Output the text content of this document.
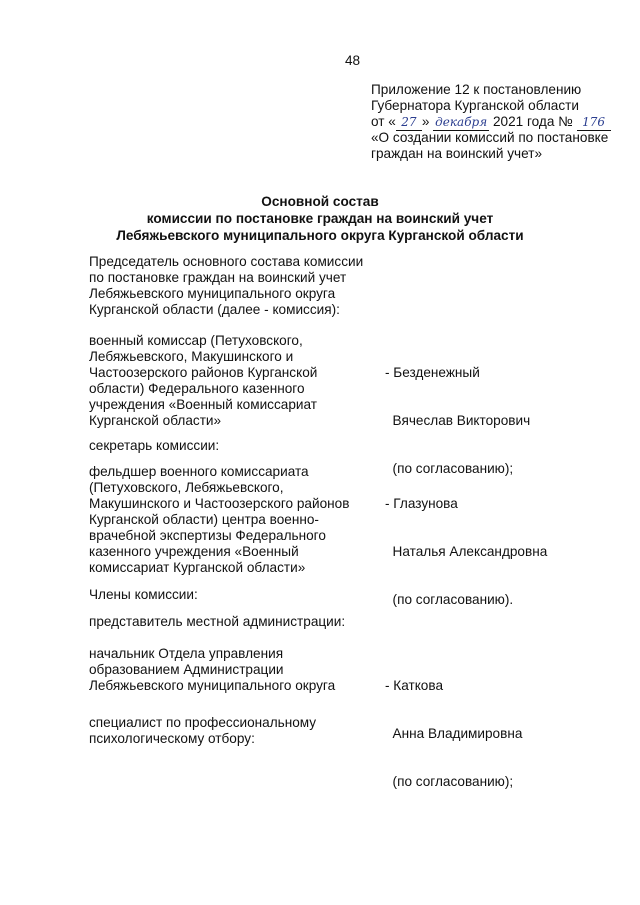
48
Приложение 12 к постановлению
Губернатора Курганской области
от « 27 » декабря 2021 года № 176
«О создании комиссий по постановке
граждан на воинский учет»
Основной состав
комиссии по постановке граждан на воинский учет
Лебяжьевского муниципального округа Курганской области
Председатель основного состава комиссии
по постановке граждан на воинский учет
Лебяжьевского муниципального округа
Курганской области (далее - комиссия):
военный комиссар (Петуховского,
Лебяжьевского, Макушинского и
Частоозерского районов Курганской
области) Федерального казенного
учреждения «Военный комиссариат
Курганской области»

- Безденежный

Вячеслав Викторович

(по согласованию);

секретарь комиссии:
фельдшер военного комиссариата
(Петуховского, Лебяжьевского,
Макушинского и Частоозерского районов
Курганской области) центра военно-
врачебной экспертизы Федерального
казенного учреждения «Военный
комиссариат Курганской области»

- Глазунова

Наталья Александровна

(по согласованию).

Члены комиссии:
представитель местной администрации:
начальник Отдела управления
образованием Администрации
Лебяжьевского муниципального округа

	- Каткова

Анна Владимировна

(по согласованию);

специалист по профессиональному
психологическому отбору:
